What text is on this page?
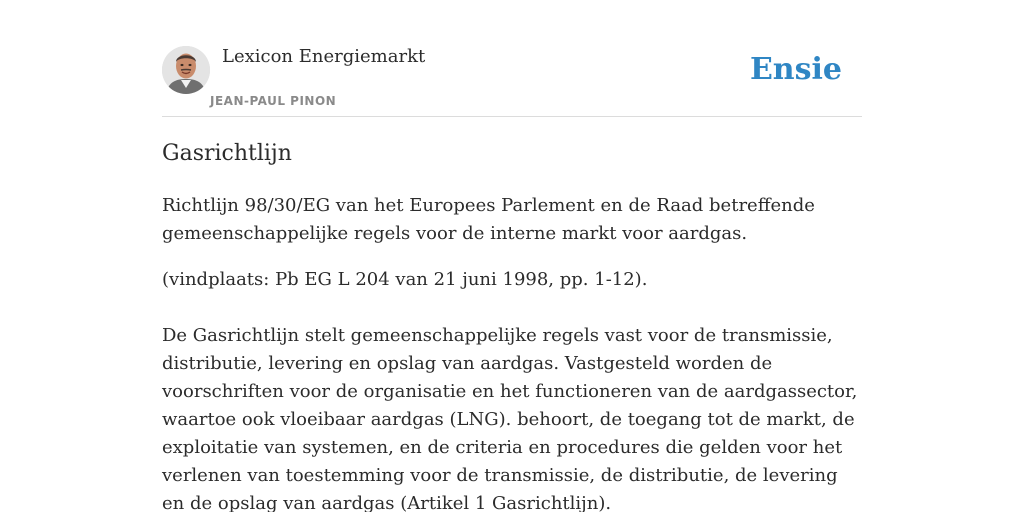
Lexicon Energiemarkt
JEAN-PAUL PINON
Ensie
Gasrichtlijn

Richtlijn 98/30/EG van het Europees Parlement en de Raad betreffende gemeenschappelijke regels voor de interne markt voor aardgas.

(vindplaats: Pb EG L 204 van 21 juni 1998, pp. 1-12).

De Gasrichtlijn stelt gemeenschappelijke regels vast voor de transmissie, distributie, levering en opslag van aardgas. Vastgesteld worden de voorschriften voor de organisatie en het functioneren van de aardgassector, waartoe ook vloeibaar aardgas (LNG). behoort, de toegang tot de markt, de exploitatie van systemen, en de criteria en procedures die gelden voor het verlenen van toestemming voor de transmissie, de distributie, de levering en de opslag van aardgas (Artikel 1 Gasrichtlijn).
